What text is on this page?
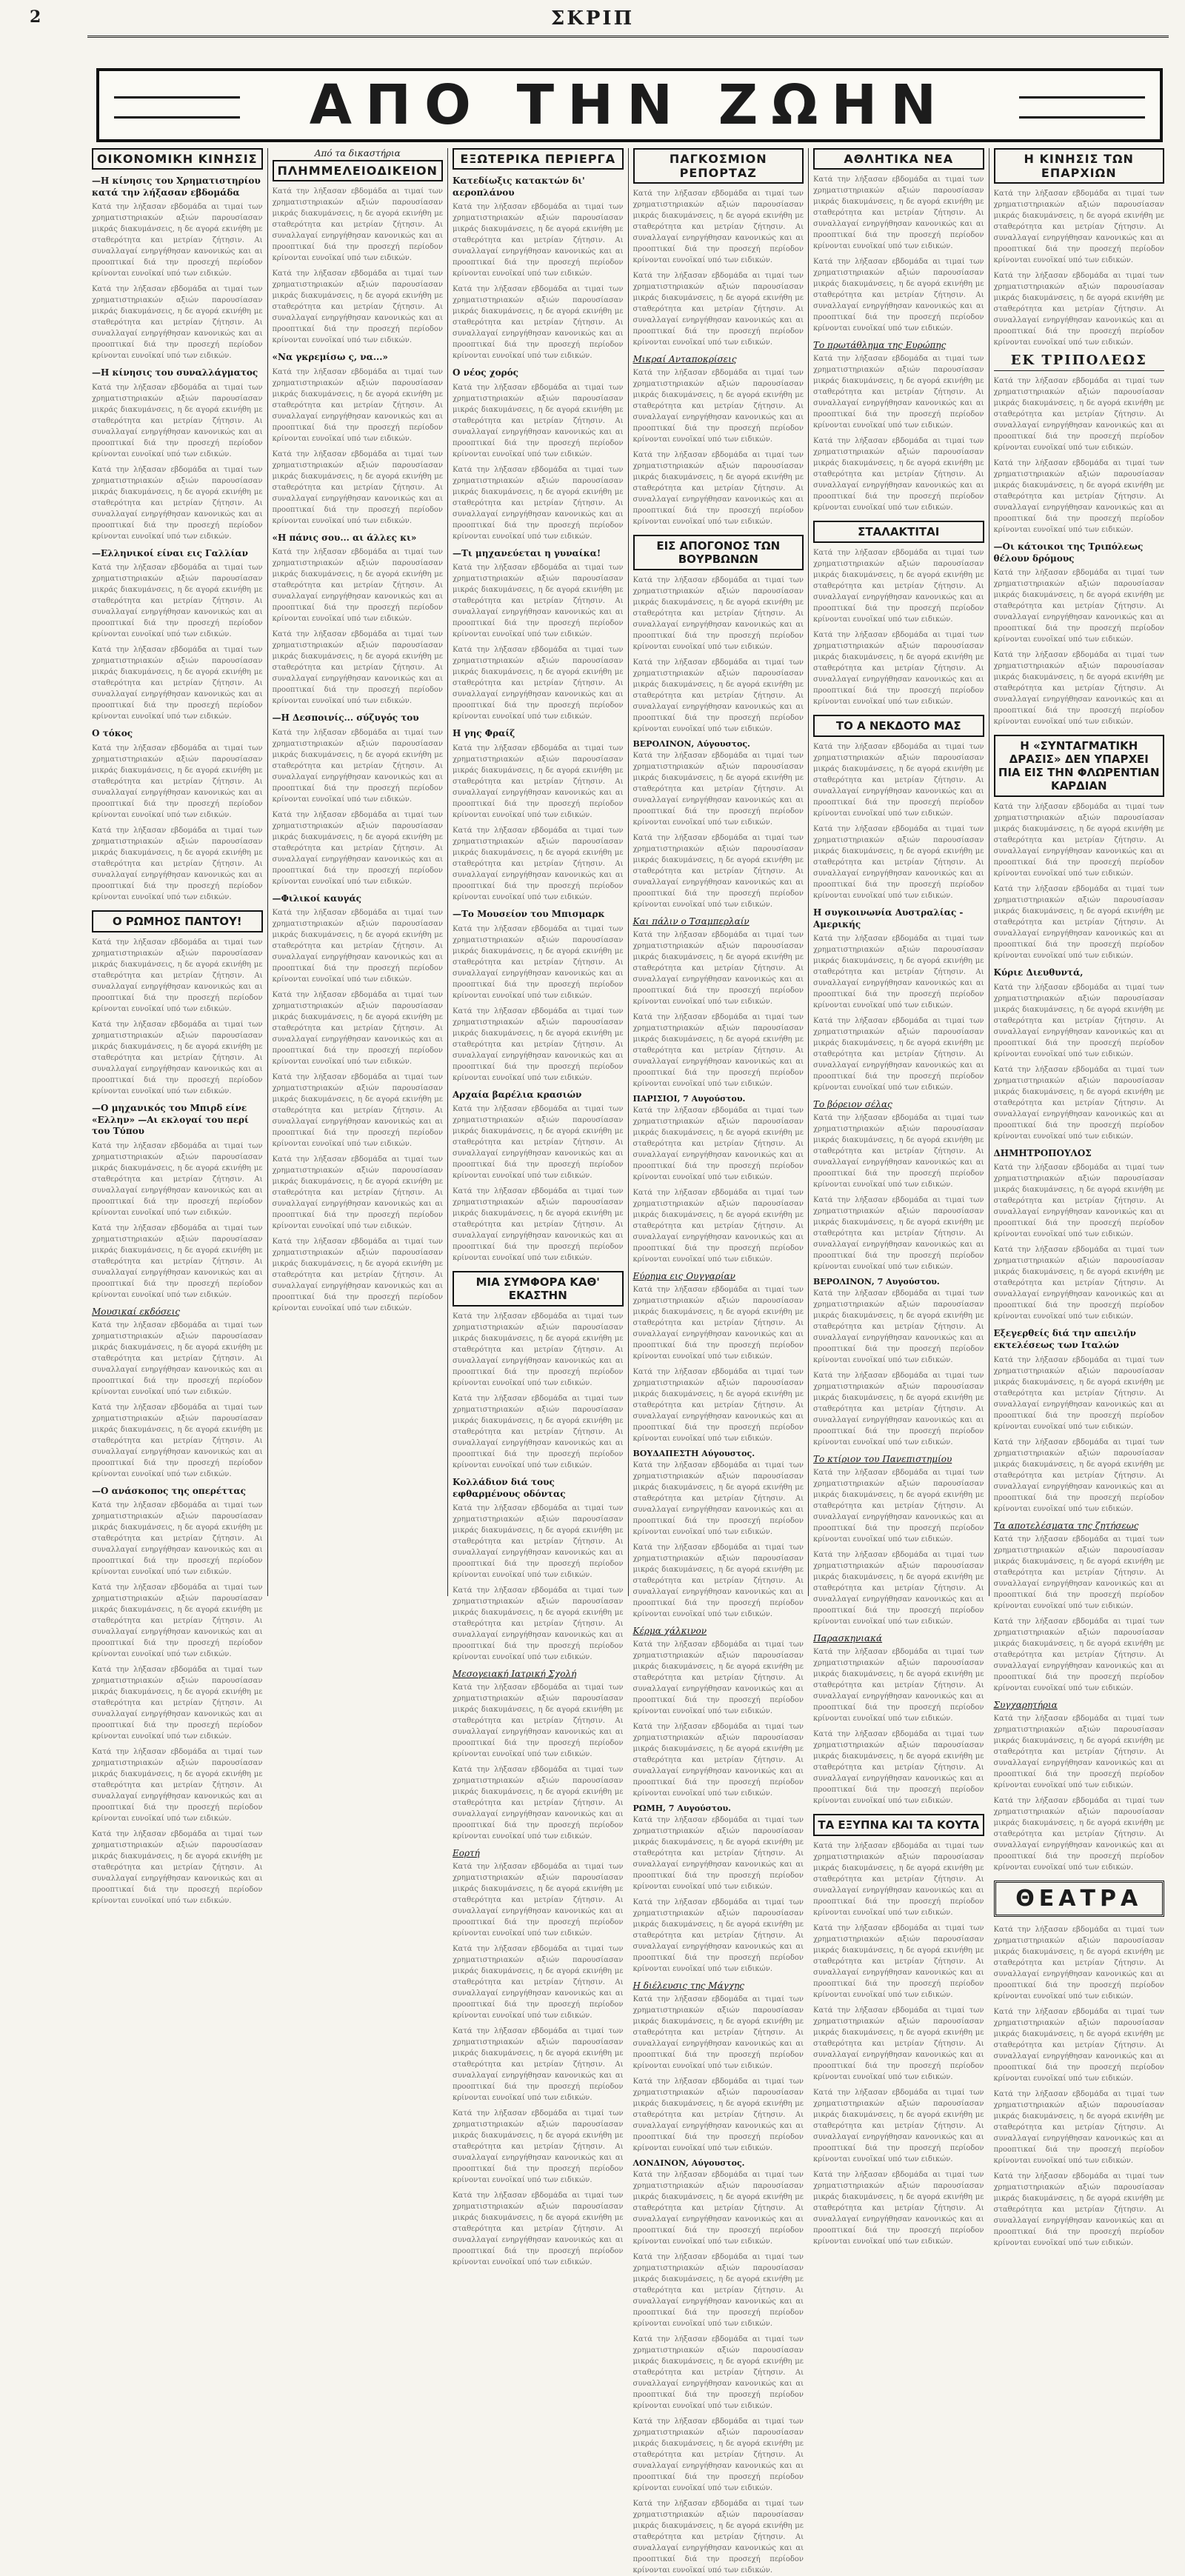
2	ΣΚΡΙΠ
ΑΠΟ ΤΗΝ ΖΩΗΝ
ΟΙΚΟΝΟΜΙΚΗ ΚΙΝΗΣΙΣ
—Η κίνησις του Χρηματιστηρίου κατά την λήξασαν εβδομάδα
Κατά την λήξασαν εβδομάδα αι τιμαί των χρηματιστηριακών αξιών παρουσίασαν μικράς διακυμάνσεις, η δε αγορά εκινήθη με σταθερότητα και μετρίαν ζήτησιν. Αι συναλλαγαί ενηργήθησαν κανονικώς και αι προοπτικαί διά την προσεχή περίοδον κρίνονται ευνοϊκαί υπό των ειδικών.
Κατά την λήξασαν εβδομάδα αι τιμαί των χρηματιστηριακών αξιών παρουσίασαν μικράς διακυμάνσεις, η δε αγορά εκινήθη με σταθερότητα και μετρίαν ζήτησιν. Αι συναλλαγαί ενηργήθησαν κανονικώς και αι προοπτικαί διά την προσεχή περίοδον κρίνονται ευνοϊκαί υπό των ειδικών.
—Η κίνησις του συναλλάγματος
Κατά την λήξασαν εβδομάδα αι τιμαί των χρηματιστηριακών αξιών παρουσίασαν μικράς διακυμάνσεις, η δε αγορά εκινήθη με σταθερότητα και μετρίαν ζήτησιν. Αι συναλλαγαί ενηργήθησαν κανονικώς και αι προοπτικαί διά την προσεχή περίοδον κρίνονται ευνοϊκαί υπό των ειδικών.
Κατά την λήξασαν εβδομάδα αι τιμαί των χρηματιστηριακών αξιών παρουσίασαν μικράς διακυμάνσεις, η δε αγορά εκινήθη με σταθερότητα και μετρίαν ζήτησιν. Αι συναλλαγαί ενηργήθησαν κανονικώς και αι προοπτικαί διά την προσεχή περίοδον κρίνονται ευνοϊκαί υπό των ειδικών.
—Ελληνικοί είναι εις Γαλλίαν
Κατά την λήξασαν εβδομάδα αι τιμαί των χρηματιστηριακών αξιών παρουσίασαν μικράς διακυμάνσεις, η δε αγορά εκινήθη με σταθερότητα και μετρίαν ζήτησιν. Αι συναλλαγαί ενηργήθησαν κανονικώς και αι προοπτικαί διά την προσεχή περίοδον κρίνονται ευνοϊκαί υπό των ειδικών.
Κατά την λήξασαν εβδομάδα αι τιμαί των χρηματιστηριακών αξιών παρουσίασαν μικράς διακυμάνσεις, η δε αγορά εκινήθη με σταθερότητα και μετρίαν ζήτησιν. Αι συναλλαγαί ενηργήθησαν κανονικώς και αι προοπτικαί διά την προσεχή περίοδον κρίνονται ευνοϊκαί υπό των ειδικών.
Ο τόκος
Κατά την λήξασαν εβδομάδα αι τιμαί των χρηματιστηριακών αξιών παρουσίασαν μικράς διακυμάνσεις, η δε αγορά εκινήθη με σταθερότητα και μετρίαν ζήτησιν. Αι συναλλαγαί ενηργήθησαν κανονικώς και αι προοπτικαί διά την προσεχή περίοδον κρίνονται ευνοϊκαί υπό των ειδικών.
Κατά την λήξασαν εβδομάδα αι τιμαί των χρηματιστηριακών αξιών παρουσίασαν μικράς διακυμάνσεις, η δε αγορά εκινήθη με σταθερότητα και μετρίαν ζήτησιν. Αι συναλλαγαί ενηργήθησαν κανονικώς και αι προοπτικαί διά την προσεχή περίοδον κρίνονται ευνοϊκαί υπό των ειδικών.
Ο ΡΩΜΗΟΣ ΠΑΝΤΟΥ!
Κατά την λήξασαν εβδομάδα αι τιμαί των χρηματιστηριακών αξιών παρουσίασαν μικράς διακυμάνσεις, η δε αγορά εκινήθη με σταθερότητα και μετρίαν ζήτησιν. Αι συναλλαγαί ενηργήθησαν κανονικώς και αι προοπτικαί διά την προσεχή περίοδον κρίνονται ευνοϊκαί υπό των ειδικών.
Κατά την λήξασαν εβδομάδα αι τιμαί των χρηματιστηριακών αξιών παρουσίασαν μικράς διακυμάνσεις, η δε αγορά εκινήθη με σταθερότητα και μετρίαν ζήτησιν. Αι συναλλαγαί ενηργήθησαν κανονικώς και αι προοπτικαί διά την προσεχή περίοδον κρίνονται ευνοϊκαί υπό των ειδικών.
—Ο μηχανικός του Μπιρδ είνε «Ελλην» —Αι εκλογαί του περί του Τύπου
Κατά την λήξασαν εβδομάδα αι τιμαί των χρηματιστηριακών αξιών παρουσίασαν μικράς διακυμάνσεις, η δε αγορά εκινήθη με σταθερότητα και μετρίαν ζήτησιν. Αι συναλλαγαί ενηργήθησαν κανονικώς και αι προοπτικαί διά την προσεχή περίοδον κρίνονται ευνοϊκαί υπό των ειδικών.
Κατά την λήξασαν εβδομάδα αι τιμαί των χρηματιστηριακών αξιών παρουσίασαν μικράς διακυμάνσεις, η δε αγορά εκινήθη με σταθερότητα και μετρίαν ζήτησιν. Αι συναλλαγαί ενηργήθησαν κανονικώς και αι προοπτικαί διά την προσεχή περίοδον κρίνονται ευνοϊκαί υπό των ειδικών.
Μουσικαί εκδόσεις
Κατά την λήξασαν εβδομάδα αι τιμαί των χρηματιστηριακών αξιών παρουσίασαν μικράς διακυμάνσεις, η δε αγορά εκινήθη με σταθερότητα και μετρίαν ζήτησιν. Αι συναλλαγαί ενηργήθησαν κανονικώς και αι προοπτικαί διά την προσεχή περίοδον κρίνονται ευνοϊκαί υπό των ειδικών.
Κατά την λήξασαν εβδομάδα αι τιμαί των χρηματιστηριακών αξιών παρουσίασαν μικράς διακυμάνσεις, η δε αγορά εκινήθη με σταθερότητα και μετρίαν ζήτησιν. Αι συναλλαγαί ενηργήθησαν κανονικώς και αι προοπτικαί διά την προσεχή περίοδον κρίνονται ευνοϊκαί υπό των ειδικών.
—Ο ανάσκοπος της οπερέττας
Κατά την λήξασαν εβδομάδα αι τιμαί των χρηματιστηριακών αξιών παρουσίασαν μικράς διακυμάνσεις, η δε αγορά εκινήθη με σταθερότητα και μετρίαν ζήτησιν. Αι συναλλαγαί ενηργήθησαν κανονικώς και αι προοπτικαί διά την προσεχή περίοδον κρίνονται ευνοϊκαί υπό των ειδικών.
Κατά την λήξασαν εβδομάδα αι τιμαί των χρηματιστηριακών αξιών παρουσίασαν μικράς διακυμάνσεις, η δε αγορά εκινήθη με σταθερότητα και μετρίαν ζήτησιν. Αι συναλλαγαί ενηργήθησαν κανονικώς και αι προοπτικαί διά την προσεχή περίοδον κρίνονται ευνοϊκαί υπό των ειδικών.
Κατά την λήξασαν εβδομάδα αι τιμαί των χρηματιστηριακών αξιών παρουσίασαν μικράς διακυμάνσεις, η δε αγορά εκινήθη με σταθερότητα και μετρίαν ζήτησιν. Αι συναλλαγαί ενηργήθησαν κανονικώς και αι προοπτικαί διά την προσεχή περίοδον κρίνονται ευνοϊκαί υπό των ειδικών.
Κατά την λήξασαν εβδομάδα αι τιμαί των χρηματιστηριακών αξιών παρουσίασαν μικράς διακυμάνσεις, η δε αγορά εκινήθη με σταθερότητα και μετρίαν ζήτησιν. Αι συναλλαγαί ενηργήθησαν κανονικώς και αι προοπτικαί διά την προσεχή περίοδον κρίνονται ευνοϊκαί υπό των ειδικών.
Κατά την λήξασαν εβδομάδα αι τιμαί των χρηματιστηριακών αξιών παρουσίασαν μικράς διακυμάνσεις, η δε αγορά εκινήθη με σταθερότητα και μετρίαν ζήτησιν. Αι συναλλαγαί ενηργήθησαν κανονικώς και αι προοπτικαί διά την προσεχή περίοδον κρίνονται ευνοϊκαί υπό των ειδικών.
Από τα δικαστήρια
ΠΛΗΜΜΕΛΕΙΟΔΙΚΕΙΟΝ
Κατά την λήξασαν εβδομάδα αι τιμαί των χρηματιστηριακών αξιών παρουσίασαν μικράς διακυμάνσεις, η δε αγορά εκινήθη με σταθερότητα και μετρίαν ζήτησιν. Αι συναλλαγαί ενηργήθησαν κανονικώς και αι προοπτικαί διά την προσεχή περίοδον κρίνονται ευνοϊκαί υπό των ειδικών.
Κατά την λήξασαν εβδομάδα αι τιμαί των χρηματιστηριακών αξιών παρουσίασαν μικράς διακυμάνσεις, η δε αγορά εκινήθη με σταθερότητα και μετρίαν ζήτησιν. Αι συναλλαγαί ενηργήθησαν κανονικώς και αι προοπτικαί διά την προσεχή περίοδον κρίνονται ευνοϊκαί υπό των ειδικών.
«Να γκρεμίσω ς, να...»
Κατά την λήξασαν εβδομάδα αι τιμαί των χρηματιστηριακών αξιών παρουσίασαν μικράς διακυμάνσεις, η δε αγορά εκινήθη με σταθερότητα και μετρίαν ζήτησιν. Αι συναλλαγαί ενηργήθησαν κανονικώς και αι προοπτικαί διά την προσεχή περίοδον κρίνονται ευνοϊκαί υπό των ειδικών.
Κατά την λήξασαν εβδομάδα αι τιμαί των χρηματιστηριακών αξιών παρουσίασαν μικράς διακυμάνσεις, η δε αγορά εκινήθη με σταθερότητα και μετρίαν ζήτησιν. Αι συναλλαγαί ενηργήθησαν κανονικώς και αι προοπτικαί διά την προσεχή περίοδον κρίνονται ευνοϊκαί υπό των ειδικών.
«Η πάνις σου... αι άλλες κι»
Κατά την λήξασαν εβδομάδα αι τιμαί των χρηματιστηριακών αξιών παρουσίασαν μικράς διακυμάνσεις, η δε αγορά εκινήθη με σταθερότητα και μετρίαν ζήτησιν. Αι συναλλαγαί ενηργήθησαν κανονικώς και αι προοπτικαί διά την προσεχή περίοδον κρίνονται ευνοϊκαί υπό των ειδικών.
Κατά την λήξασαν εβδομάδα αι τιμαί των χρηματιστηριακών αξιών παρουσίασαν μικράς διακυμάνσεις, η δε αγορά εκινήθη με σταθερότητα και μετρίαν ζήτησιν. Αι συναλλαγαί ενηργήθησαν κανονικώς και αι προοπτικαί διά την προσεχή περίοδον κρίνονται ευνοϊκαί υπό των ειδικών.
—Η Δεσποινίς... σύζυγός του
Κατά την λήξασαν εβδομάδα αι τιμαί των χρηματιστηριακών αξιών παρουσίασαν μικράς διακυμάνσεις, η δε αγορά εκινήθη με σταθερότητα και μετρίαν ζήτησιν. Αι συναλλαγαί ενηργήθησαν κανονικώς και αι προοπτικαί διά την προσεχή περίοδον κρίνονται ευνοϊκαί υπό των ειδικών.
Κατά την λήξασαν εβδομάδα αι τιμαί των χρηματιστηριακών αξιών παρουσίασαν μικράς διακυμάνσεις, η δε αγορά εκινήθη με σταθερότητα και μετρίαν ζήτησιν. Αι συναλλαγαί ενηργήθησαν κανονικώς και αι προοπτικαί διά την προσεχή περίοδον κρίνονται ευνοϊκαί υπό των ειδικών.
—Φιλικοί καυγάς
Κατά την λήξασαν εβδομάδα αι τιμαί των χρηματιστηριακών αξιών παρουσίασαν μικράς διακυμάνσεις, η δε αγορά εκινήθη με σταθερότητα και μετρίαν ζήτησιν. Αι συναλλαγαί ενηργήθησαν κανονικώς και αι προοπτικαί διά την προσεχή περίοδον κρίνονται ευνοϊκαί υπό των ειδικών.
Κατά την λήξασαν εβδομάδα αι τιμαί των χρηματιστηριακών αξιών παρουσίασαν μικράς διακυμάνσεις, η δε αγορά εκινήθη με σταθερότητα και μετρίαν ζήτησιν. Αι συναλλαγαί ενηργήθησαν κανονικώς και αι προοπτικαί διά την προσεχή περίοδον κρίνονται ευνοϊκαί υπό των ειδικών.
Κατά την λήξασαν εβδομάδα αι τιμαί των χρηματιστηριακών αξιών παρουσίασαν μικράς διακυμάνσεις, η δε αγορά εκινήθη με σταθερότητα και μετρίαν ζήτησιν. Αι συναλλαγαί ενηργήθησαν κανονικώς και αι προοπτικαί διά την προσεχή περίοδον κρίνονται ευνοϊκαί υπό των ειδικών.
Κατά την λήξασαν εβδομάδα αι τιμαί των χρηματιστηριακών αξιών παρουσίασαν μικράς διακυμάνσεις, η δε αγορά εκινήθη με σταθερότητα και μετρίαν ζήτησιν. Αι συναλλαγαί ενηργήθησαν κανονικώς και αι προοπτικαί διά την προσεχή περίοδον κρίνονται ευνοϊκαί υπό των ειδικών.
Κατά την λήξασαν εβδομάδα αι τιμαί των χρηματιστηριακών αξιών παρουσίασαν μικράς διακυμάνσεις, η δε αγορά εκινήθη με σταθερότητα και μετρίαν ζήτησιν. Αι συναλλαγαί ενηργήθησαν κανονικώς και αι προοπτικαί διά την προσεχή περίοδον κρίνονται ευνοϊκαί υπό των ειδικών.
ΕΞΩΤΕΡΙΚΑ ΠΕΡΙΕΡΓΑ
Κατεδίωξις κατακτών δι' αεροπλάνου
Κατά την λήξασαν εβδομάδα αι τιμαί των χρηματιστηριακών αξιών παρουσίασαν μικράς διακυμάνσεις, η δε αγορά εκινήθη με σταθερότητα και μετρίαν ζήτησιν. Αι συναλλαγαί ενηργήθησαν κανονικώς και αι προοπτικαί διά την προσεχή περίοδον κρίνονται ευνοϊκαί υπό των ειδικών.
Κατά την λήξασαν εβδομάδα αι τιμαί των χρηματιστηριακών αξιών παρουσίασαν μικράς διακυμάνσεις, η δε αγορά εκινήθη με σταθερότητα και μετρίαν ζήτησιν. Αι συναλλαγαί ενηργήθησαν κανονικώς και αι προοπτικαί διά την προσεχή περίοδον κρίνονται ευνοϊκαί υπό των ειδικών.
Ο νέος χορός
Κατά την λήξασαν εβδομάδα αι τιμαί των χρηματιστηριακών αξιών παρουσίασαν μικράς διακυμάνσεις, η δε αγορά εκινήθη με σταθερότητα και μετρίαν ζήτησιν. Αι συναλλαγαί ενηργήθησαν κανονικώς και αι προοπτικαί διά την προσεχή περίοδον κρίνονται ευνοϊκαί υπό των ειδικών.
Κατά την λήξασαν εβδομάδα αι τιμαί των χρηματιστηριακών αξιών παρουσίασαν μικράς διακυμάνσεις, η δε αγορά εκινήθη με σταθερότητα και μετρίαν ζήτησιν. Αι συναλλαγαί ενηργήθησαν κανονικώς και αι προοπτικαί διά την προσεχή περίοδον κρίνονται ευνοϊκαί υπό των ειδικών.
—Τι μηχανεύεται η γυναίκα!
Κατά την λήξασαν εβδομάδα αι τιμαί των χρηματιστηριακών αξιών παρουσίασαν μικράς διακυμάνσεις, η δε αγορά εκινήθη με σταθερότητα και μετρίαν ζήτησιν. Αι συναλλαγαί ενηργήθησαν κανονικώς και αι προοπτικαί διά την προσεχή περίοδον κρίνονται ευνοϊκαί υπό των ειδικών.
Κατά την λήξασαν εβδομάδα αι τιμαί των χρηματιστηριακών αξιών παρουσίασαν μικράς διακυμάνσεις, η δε αγορά εκινήθη με σταθερότητα και μετρίαν ζήτησιν. Αι συναλλαγαί ενηργήθησαν κανονικώς και αι προοπτικαί διά την προσεχή περίοδον κρίνονται ευνοϊκαί υπό των ειδικών.
Η γης Φραίζ
Κατά την λήξασαν εβδομάδα αι τιμαί των χρηματιστηριακών αξιών παρουσίασαν μικράς διακυμάνσεις, η δε αγορά εκινήθη με σταθερότητα και μετρίαν ζήτησιν. Αι συναλλαγαί ενηργήθησαν κανονικώς και αι προοπτικαί διά την προσεχή περίοδον κρίνονται ευνοϊκαί υπό των ειδικών.
Κατά την λήξασαν εβδομάδα αι τιμαί των χρηματιστηριακών αξιών παρουσίασαν μικράς διακυμάνσεις, η δε αγορά εκινήθη με σταθερότητα και μετρίαν ζήτησιν. Αι συναλλαγαί ενηργήθησαν κανονικώς και αι προοπτικαί διά την προσεχή περίοδον κρίνονται ευνοϊκαί υπό των ειδικών.
—Το Μουσείον του Μπισμαρκ
Κατά την λήξασαν εβδομάδα αι τιμαί των χρηματιστηριακών αξιών παρουσίασαν μικράς διακυμάνσεις, η δε αγορά εκινήθη με σταθερότητα και μετρίαν ζήτησιν. Αι συναλλαγαί ενηργήθησαν κανονικώς και αι προοπτικαί διά την προσεχή περίοδον κρίνονται ευνοϊκαί υπό των ειδικών.
Κατά την λήξασαν εβδομάδα αι τιμαί των χρηματιστηριακών αξιών παρουσίασαν μικράς διακυμάνσεις, η δε αγορά εκινήθη με σταθερότητα και μετρίαν ζήτησιν. Αι συναλλαγαί ενηργήθησαν κανονικώς και αι προοπτικαί διά την προσεχή περίοδον κρίνονται ευνοϊκαί υπό των ειδικών.
Αρχαία βαρέλια κρασιών
Κατά την λήξασαν εβδομάδα αι τιμαί των χρηματιστηριακών αξιών παρουσίασαν μικράς διακυμάνσεις, η δε αγορά εκινήθη με σταθερότητα και μετρίαν ζήτησιν. Αι συναλλαγαί ενηργήθησαν κανονικώς και αι προοπτικαί διά την προσεχή περίοδον κρίνονται ευνοϊκαί υπό των ειδικών.
Κατά την λήξασαν εβδομάδα αι τιμαί των χρηματιστηριακών αξιών παρουσίασαν μικράς διακυμάνσεις, η δε αγορά εκινήθη με σταθερότητα και μετρίαν ζήτησιν. Αι συναλλαγαί ενηργήθησαν κανονικώς και αι προοπτικαί διά την προσεχή περίοδον κρίνονται ευνοϊκαί υπό των ειδικών.
ΜΙΑ ΣΥΜΦΟΡΑ ΚΑΘ' ΕΚΑΣΤΗΝ
Κατά την λήξασαν εβδομάδα αι τιμαί των χρηματιστηριακών αξιών παρουσίασαν μικράς διακυμάνσεις, η δε αγορά εκινήθη με σταθερότητα και μετρίαν ζήτησιν. Αι συναλλαγαί ενηργήθησαν κανονικώς και αι προοπτικαί διά την προσεχή περίοδον κρίνονται ευνοϊκαί υπό των ειδικών.
Κατά την λήξασαν εβδομάδα αι τιμαί των χρηματιστηριακών αξιών παρουσίασαν μικράς διακυμάνσεις, η δε αγορά εκινήθη με σταθερότητα και μετρίαν ζήτησιν. Αι συναλλαγαί ενηργήθησαν κανονικώς και αι προοπτικαί διά την προσεχή περίοδον κρίνονται ευνοϊκαί υπό των ειδικών.
Κολλάδιον διά τους εφθαρμένους οδόντας
Κατά την λήξασαν εβδομάδα αι τιμαί των χρηματιστηριακών αξιών παρουσίασαν μικράς διακυμάνσεις, η δε αγορά εκινήθη με σταθερότητα και μετρίαν ζήτησιν. Αι συναλλαγαί ενηργήθησαν κανονικώς και αι προοπτικαί διά την προσεχή περίοδον κρίνονται ευνοϊκαί υπό των ειδικών.
Κατά την λήξασαν εβδομάδα αι τιμαί των χρηματιστηριακών αξιών παρουσίασαν μικράς διακυμάνσεις, η δε αγορά εκινήθη με σταθερότητα και μετρίαν ζήτησιν. Αι συναλλαγαί ενηργήθησαν κανονικώς και αι προοπτικαί διά την προσεχή περίοδον κρίνονται ευνοϊκαί υπό των ειδικών.
Μεσογειακή Ιατρική Σχολή
Κατά την λήξασαν εβδομάδα αι τιμαί των χρηματιστηριακών αξιών παρουσίασαν μικράς διακυμάνσεις, η δε αγορά εκινήθη με σταθερότητα και μετρίαν ζήτησιν. Αι συναλλαγαί ενηργήθησαν κανονικώς και αι προοπτικαί διά την προσεχή περίοδον κρίνονται ευνοϊκαί υπό των ειδικών.
Κατά την λήξασαν εβδομάδα αι τιμαί των χρηματιστηριακών αξιών παρουσίασαν μικράς διακυμάνσεις, η δε αγορά εκινήθη με σταθερότητα και μετρίαν ζήτησιν. Αι συναλλαγαί ενηργήθησαν κανονικώς και αι προοπτικαί διά την προσεχή περίοδον κρίνονται ευνοϊκαί υπό των ειδικών.
Εορτή
Κατά την λήξασαν εβδομάδα αι τιμαί των χρηματιστηριακών αξιών παρουσίασαν μικράς διακυμάνσεις, η δε αγορά εκινήθη με σταθερότητα και μετρίαν ζήτησιν. Αι συναλλαγαί ενηργήθησαν κανονικώς και αι προοπτικαί διά την προσεχή περίοδον κρίνονται ευνοϊκαί υπό των ειδικών.
Κατά την λήξασαν εβδομάδα αι τιμαί των χρηματιστηριακών αξιών παρουσίασαν μικράς διακυμάνσεις, η δε αγορά εκινήθη με σταθερότητα και μετρίαν ζήτησιν. Αι συναλλαγαί ενηργήθησαν κανονικώς και αι προοπτικαί διά την προσεχή περίοδον κρίνονται ευνοϊκαί υπό των ειδικών.
Κατά την λήξασαν εβδομάδα αι τιμαί των χρηματιστηριακών αξιών παρουσίασαν μικράς διακυμάνσεις, η δε αγορά εκινήθη με σταθερότητα και μετρίαν ζήτησιν. Αι συναλλαγαί ενηργήθησαν κανονικώς και αι προοπτικαί διά την προσεχή περίοδον κρίνονται ευνοϊκαί υπό των ειδικών.
Κατά την λήξασαν εβδομάδα αι τιμαί των χρηματιστηριακών αξιών παρουσίασαν μικράς διακυμάνσεις, η δε αγορά εκινήθη με σταθερότητα και μετρίαν ζήτησιν. Αι συναλλαγαί ενηργήθησαν κανονικώς και αι προοπτικαί διά την προσεχή περίοδον κρίνονται ευνοϊκαί υπό των ειδικών.
Κατά την λήξασαν εβδομάδα αι τιμαί των χρηματιστηριακών αξιών παρουσίασαν μικράς διακυμάνσεις, η δε αγορά εκινήθη με σταθερότητα και μετρίαν ζήτησιν. Αι συναλλαγαί ενηργήθησαν κανονικώς και αι προοπτικαί διά την προσεχή περίοδον κρίνονται ευνοϊκαί υπό των ειδικών.
ΠΑΓΚΟΣΜΙΟΝ ΡΕΠΟΡΤΑΖ
Κατά την λήξασαν εβδομάδα αι τιμαί των χρηματιστηριακών αξιών παρουσίασαν μικράς διακυμάνσεις, η δε αγορά εκινήθη με σταθερότητα και μετρίαν ζήτησιν. Αι συναλλαγαί ενηργήθησαν κανονικώς και αι προοπτικαί διά την προσεχή περίοδον κρίνονται ευνοϊκαί υπό των ειδικών.
Κατά την λήξασαν εβδομάδα αι τιμαί των χρηματιστηριακών αξιών παρουσίασαν μικράς διακυμάνσεις, η δε αγορά εκινήθη με σταθερότητα και μετρίαν ζήτησιν. Αι συναλλαγαί ενηργήθησαν κανονικώς και αι προοπτικαί διά την προσεχή περίοδον κρίνονται ευνοϊκαί υπό των ειδικών.
Μικραί Ανταποκρίσεις
Κατά την λήξασαν εβδομάδα αι τιμαί των χρηματιστηριακών αξιών παρουσίασαν μικράς διακυμάνσεις, η δε αγορά εκινήθη με σταθερότητα και μετρίαν ζήτησιν. Αι συναλλαγαί ενηργήθησαν κανονικώς και αι προοπτικαί διά την προσεχή περίοδον κρίνονται ευνοϊκαί υπό των ειδικών.
Κατά την λήξασαν εβδομάδα αι τιμαί των χρηματιστηριακών αξιών παρουσίασαν μικράς διακυμάνσεις, η δε αγορά εκινήθη με σταθερότητα και μετρίαν ζήτησιν. Αι συναλλαγαί ενηργήθησαν κανονικώς και αι προοπτικαί διά την προσεχή περίοδον κρίνονται ευνοϊκαί υπό των ειδικών.
ΕΙΣ ΑΠΟΓΟΝΟΣ ΤΩΝ ΒΟΥΡΒΩΝΩΝ
Κατά την λήξασαν εβδομάδα αι τιμαί των χρηματιστηριακών αξιών παρουσίασαν μικράς διακυμάνσεις, η δε αγορά εκινήθη με σταθερότητα και μετρίαν ζήτησιν. Αι συναλλαγαί ενηργήθησαν κανονικώς και αι προοπτικαί διά την προσεχή περίοδον κρίνονται ευνοϊκαί υπό των ειδικών.
Κατά την λήξασαν εβδομάδα αι τιμαί των χρηματιστηριακών αξιών παρουσίασαν μικράς διακυμάνσεις, η δε αγορά εκινήθη με σταθερότητα και μετρίαν ζήτησιν. Αι συναλλαγαί ενηργήθησαν κανονικώς και αι προοπτικαί διά την προσεχή περίοδον κρίνονται ευνοϊκαί υπό των ειδικών.
ΒΕΡΟΛΙΝΟΝ, Αύγουστος.
Κατά την λήξασαν εβδομάδα αι τιμαί των χρηματιστηριακών αξιών παρουσίασαν μικράς διακυμάνσεις, η δε αγορά εκινήθη με σταθερότητα και μετρίαν ζήτησιν. Αι συναλλαγαί ενηργήθησαν κανονικώς και αι προοπτικαί διά την προσεχή περίοδον κρίνονται ευνοϊκαί υπό των ειδικών.
Κατά την λήξασαν εβδομάδα αι τιμαί των χρηματιστηριακών αξιών παρουσίασαν μικράς διακυμάνσεις, η δε αγορά εκινήθη με σταθερότητα και μετρίαν ζήτησιν. Αι συναλλαγαί ενηργήθησαν κανονικώς και αι προοπτικαί διά την προσεχή περίοδον κρίνονται ευνοϊκαί υπό των ειδικών.
Και πάλιν ο Τσαμπερλαίν
Κατά την λήξασαν εβδομάδα αι τιμαί των χρηματιστηριακών αξιών παρουσίασαν μικράς διακυμάνσεις, η δε αγορά εκινήθη με σταθερότητα και μετρίαν ζήτησιν. Αι συναλλαγαί ενηργήθησαν κανονικώς και αι προοπτικαί διά την προσεχή περίοδον κρίνονται ευνοϊκαί υπό των ειδικών.
Κατά την λήξασαν εβδομάδα αι τιμαί των χρηματιστηριακών αξιών παρουσίασαν μικράς διακυμάνσεις, η δε αγορά εκινήθη με σταθερότητα και μετρίαν ζήτησιν. Αι συναλλαγαί ενηργήθησαν κανονικώς και αι προοπτικαί διά την προσεχή περίοδον κρίνονται ευνοϊκαί υπό των ειδικών.
ΠΑΡΙΣΙΟΙ, 7 Αυγούστου.
Κατά την λήξασαν εβδομάδα αι τιμαί των χρηματιστηριακών αξιών παρουσίασαν μικράς διακυμάνσεις, η δε αγορά εκινήθη με σταθερότητα και μετρίαν ζήτησιν. Αι συναλλαγαί ενηργήθησαν κανονικώς και αι προοπτικαί διά την προσεχή περίοδον κρίνονται ευνοϊκαί υπό των ειδικών.
Κατά την λήξασαν εβδομάδα αι τιμαί των χρηματιστηριακών αξιών παρουσίασαν μικράς διακυμάνσεις, η δε αγορά εκινήθη με σταθερότητα και μετρίαν ζήτησιν. Αι συναλλαγαί ενηργήθησαν κανονικώς και αι προοπτικαί διά την προσεχή περίοδον κρίνονται ευνοϊκαί υπό των ειδικών.
Εύρημα εις Ουγγαρίαν
Κατά την λήξασαν εβδομάδα αι τιμαί των χρηματιστηριακών αξιών παρουσίασαν μικράς διακυμάνσεις, η δε αγορά εκινήθη με σταθερότητα και μετρίαν ζήτησιν. Αι συναλλαγαί ενηργήθησαν κανονικώς και αι προοπτικαί διά την προσεχή περίοδον κρίνονται ευνοϊκαί υπό των ειδικών.
Κατά την λήξασαν εβδομάδα αι τιμαί των χρηματιστηριακών αξιών παρουσίασαν μικράς διακυμάνσεις, η δε αγορά εκινήθη με σταθερότητα και μετρίαν ζήτησιν. Αι συναλλαγαί ενηργήθησαν κανονικώς και αι προοπτικαί διά την προσεχή περίοδον κρίνονται ευνοϊκαί υπό των ειδικών.
ΒΟΥΔΑΠΕΣΤΗ Αύγουστος.
Κατά την λήξασαν εβδομάδα αι τιμαί των χρηματιστηριακών αξιών παρουσίασαν μικράς διακυμάνσεις, η δε αγορά εκινήθη με σταθερότητα και μετρίαν ζήτησιν. Αι συναλλαγαί ενηργήθησαν κανονικώς και αι προοπτικαί διά την προσεχή περίοδον κρίνονται ευνοϊκαί υπό των ειδικών.
Κατά την λήξασαν εβδομάδα αι τιμαί των χρηματιστηριακών αξιών παρουσίασαν μικράς διακυμάνσεις, η δε αγορά εκινήθη με σταθερότητα και μετρίαν ζήτησιν. Αι συναλλαγαί ενηργήθησαν κανονικώς και αι προοπτικαί διά την προσεχή περίοδον κρίνονται ευνοϊκαί υπό των ειδικών.
Κέρμα χάλκινον
Κατά την λήξασαν εβδομάδα αι τιμαί των χρηματιστηριακών αξιών παρουσίασαν μικράς διακυμάνσεις, η δε αγορά εκινήθη με σταθερότητα και μετρίαν ζήτησιν. Αι συναλλαγαί ενηργήθησαν κανονικώς και αι προοπτικαί διά την προσεχή περίοδον κρίνονται ευνοϊκαί υπό των ειδικών.
Κατά την λήξασαν εβδομάδα αι τιμαί των χρηματιστηριακών αξιών παρουσίασαν μικράς διακυμάνσεις, η δε αγορά εκινήθη με σταθερότητα και μετρίαν ζήτησιν. Αι συναλλαγαί ενηργήθησαν κανονικώς και αι προοπτικαί διά την προσεχή περίοδον κρίνονται ευνοϊκαί υπό των ειδικών.
ΡΩΜΗ, 7 Αυγούστου.
Κατά την λήξασαν εβδομάδα αι τιμαί των χρηματιστηριακών αξιών παρουσίασαν μικράς διακυμάνσεις, η δε αγορά εκινήθη με σταθερότητα και μετρίαν ζήτησιν. Αι συναλλαγαί ενηργήθησαν κανονικώς και αι προοπτικαί διά την προσεχή περίοδον κρίνονται ευνοϊκαί υπό των ειδικών.
Κατά την λήξασαν εβδομάδα αι τιμαί των χρηματιστηριακών αξιών παρουσίασαν μικράς διακυμάνσεις, η δε αγορά εκινήθη με σταθερότητα και μετρίαν ζήτησιν. Αι συναλλαγαί ενηργήθησαν κανονικώς και αι προοπτικαί διά την προσεχή περίοδον κρίνονται ευνοϊκαί υπό των ειδικών.
Η διέλευσις της Μάγχης
Κατά την λήξασαν εβδομάδα αι τιμαί των χρηματιστηριακών αξιών παρουσίασαν μικράς διακυμάνσεις, η δε αγορά εκινήθη με σταθερότητα και μετρίαν ζήτησιν. Αι συναλλαγαί ενηργήθησαν κανονικώς και αι προοπτικαί διά την προσεχή περίοδον κρίνονται ευνοϊκαί υπό των ειδικών.
Κατά την λήξασαν εβδομάδα αι τιμαί των χρηματιστηριακών αξιών παρουσίασαν μικράς διακυμάνσεις, η δε αγορά εκινήθη με σταθερότητα και μετρίαν ζήτησιν. Αι συναλλαγαί ενηργήθησαν κανονικώς και αι προοπτικαί διά την προσεχή περίοδον κρίνονται ευνοϊκαί υπό των ειδικών.
ΛΟΝΔΙΝΟΝ, Αύγουστος.
Κατά την λήξασαν εβδομάδα αι τιμαί των χρηματιστηριακών αξιών παρουσίασαν μικράς διακυμάνσεις, η δε αγορά εκινήθη με σταθερότητα και μετρίαν ζήτησιν. Αι συναλλαγαί ενηργήθησαν κανονικώς και αι προοπτικαί διά την προσεχή περίοδον κρίνονται ευνοϊκαί υπό των ειδικών.
Κατά την λήξασαν εβδομάδα αι τιμαί των χρηματιστηριακών αξιών παρουσίασαν μικράς διακυμάνσεις, η δε αγορά εκινήθη με σταθερότητα και μετρίαν ζήτησιν. Αι συναλλαγαί ενηργήθησαν κανονικώς και αι προοπτικαί διά την προσεχή περίοδον κρίνονται ευνοϊκαί υπό των ειδικών.
Κατά την λήξασαν εβδομάδα αι τιμαί των χρηματιστηριακών αξιών παρουσίασαν μικράς διακυμάνσεις, η δε αγορά εκινήθη με σταθερότητα και μετρίαν ζήτησιν. Αι συναλλαγαί ενηργήθησαν κανονικώς και αι προοπτικαί διά την προσεχή περίοδον κρίνονται ευνοϊκαί υπό των ειδικών.
Κατά την λήξασαν εβδομάδα αι τιμαί των χρηματιστηριακών αξιών παρουσίασαν μικράς διακυμάνσεις, η δε αγορά εκινήθη με σταθερότητα και μετρίαν ζήτησιν. Αι συναλλαγαί ενηργήθησαν κανονικώς και αι προοπτικαί διά την προσεχή περίοδον κρίνονται ευνοϊκαί υπό των ειδικών.
Κατά την λήξασαν εβδομάδα αι τιμαί των χρηματιστηριακών αξιών παρουσίασαν μικράς διακυμάνσεις, η δε αγορά εκινήθη με σταθερότητα και μετρίαν ζήτησιν. Αι συναλλαγαί ενηργήθησαν κανονικώς και αι προοπτικαί διά την προσεχή περίοδον κρίνονται ευνοϊκαί υπό των ειδικών.
ΑΘΛΗΤΙΚΑ ΝΕΑ
Κατά την λήξασαν εβδομάδα αι τιμαί των χρηματιστηριακών αξιών παρουσίασαν μικράς διακυμάνσεις, η δε αγορά εκινήθη με σταθερότητα και μετρίαν ζήτησιν. Αι συναλλαγαί ενηργήθησαν κανονικώς και αι προοπτικαί διά την προσεχή περίοδον κρίνονται ευνοϊκαί υπό των ειδικών.
Κατά την λήξασαν εβδομάδα αι τιμαί των χρηματιστηριακών αξιών παρουσίασαν μικράς διακυμάνσεις, η δε αγορά εκινήθη με σταθερότητα και μετρίαν ζήτησιν. Αι συναλλαγαί ενηργήθησαν κανονικώς και αι προοπτικαί διά την προσεχή περίοδον κρίνονται ευνοϊκαί υπό των ειδικών.
Το πρωτάθλημα της Ευρώπης
Κατά την λήξασαν εβδομάδα αι τιμαί των χρηματιστηριακών αξιών παρουσίασαν μικράς διακυμάνσεις, η δε αγορά εκινήθη με σταθερότητα και μετρίαν ζήτησιν. Αι συναλλαγαί ενηργήθησαν κανονικώς και αι προοπτικαί διά την προσεχή περίοδον κρίνονται ευνοϊκαί υπό των ειδικών.
Κατά την λήξασαν εβδομάδα αι τιμαί των χρηματιστηριακών αξιών παρουσίασαν μικράς διακυμάνσεις, η δε αγορά εκινήθη με σταθερότητα και μετρίαν ζήτησιν. Αι συναλλαγαί ενηργήθησαν κανονικώς και αι προοπτικαί διά την προσεχή περίοδον κρίνονται ευνοϊκαί υπό των ειδικών.
ΣΤΑΛΑΚΤΙΤΑΙ
Κατά την λήξασαν εβδομάδα αι τιμαί των χρηματιστηριακών αξιών παρουσίασαν μικράς διακυμάνσεις, η δε αγορά εκινήθη με σταθερότητα και μετρίαν ζήτησιν. Αι συναλλαγαί ενηργήθησαν κανονικώς και αι προοπτικαί διά την προσεχή περίοδον κρίνονται ευνοϊκαί υπό των ειδικών.
Κατά την λήξασαν εβδομάδα αι τιμαί των χρηματιστηριακών αξιών παρουσίασαν μικράς διακυμάνσεις, η δε αγορά εκινήθη με σταθερότητα και μετρίαν ζήτησιν. Αι συναλλαγαί ενηργήθησαν κανονικώς και αι προοπτικαί διά την προσεχή περίοδον κρίνονται ευνοϊκαί υπό των ειδικών.
ΤΟ Α ΝΕΚΔΟΤΟ ΜΑΣ
Κατά την λήξασαν εβδομάδα αι τιμαί των χρηματιστηριακών αξιών παρουσίασαν μικράς διακυμάνσεις, η δε αγορά εκινήθη με σταθερότητα και μετρίαν ζήτησιν. Αι συναλλαγαί ενηργήθησαν κανονικώς και αι προοπτικαί διά την προσεχή περίοδον κρίνονται ευνοϊκαί υπό των ειδικών.
Κατά την λήξασαν εβδομάδα αι τιμαί των χρηματιστηριακών αξιών παρουσίασαν μικράς διακυμάνσεις, η δε αγορά εκινήθη με σταθερότητα και μετρίαν ζήτησιν. Αι συναλλαγαί ενηργήθησαν κανονικώς και αι προοπτικαί διά την προσεχή περίοδον κρίνονται ευνοϊκαί υπό των ειδικών.
Η συγκοινωνία Αυστραλίας - Αμερικής
Κατά την λήξασαν εβδομάδα αι τιμαί των χρηματιστηριακών αξιών παρουσίασαν μικράς διακυμάνσεις, η δε αγορά εκινήθη με σταθερότητα και μετρίαν ζήτησιν. Αι συναλλαγαί ενηργήθησαν κανονικώς και αι προοπτικαί διά την προσεχή περίοδον κρίνονται ευνοϊκαί υπό των ειδικών.
Κατά την λήξασαν εβδομάδα αι τιμαί των χρηματιστηριακών αξιών παρουσίασαν μικράς διακυμάνσεις, η δε αγορά εκινήθη με σταθερότητα και μετρίαν ζήτησιν. Αι συναλλαγαί ενηργήθησαν κανονικώς και αι προοπτικαί διά την προσεχή περίοδον κρίνονται ευνοϊκαί υπό των ειδικών.
Το βόρειον σέλας
Κατά την λήξασαν εβδομάδα αι τιμαί των χρηματιστηριακών αξιών παρουσίασαν μικράς διακυμάνσεις, η δε αγορά εκινήθη με σταθερότητα και μετρίαν ζήτησιν. Αι συναλλαγαί ενηργήθησαν κανονικώς και αι προοπτικαί διά την προσεχή περίοδον κρίνονται ευνοϊκαί υπό των ειδικών.
Κατά την λήξασαν εβδομάδα αι τιμαί των χρηματιστηριακών αξιών παρουσίασαν μικράς διακυμάνσεις, η δε αγορά εκινήθη με σταθερότητα και μετρίαν ζήτησιν. Αι συναλλαγαί ενηργήθησαν κανονικώς και αι προοπτικαί διά την προσεχή περίοδον κρίνονται ευνοϊκαί υπό των ειδικών.
ΒΕΡΟΛΙΝΟΝ, 7 Αυγούστου.
Κατά την λήξασαν εβδομάδα αι τιμαί των χρηματιστηριακών αξιών παρουσίασαν μικράς διακυμάνσεις, η δε αγορά εκινήθη με σταθερότητα και μετρίαν ζήτησιν. Αι συναλλαγαί ενηργήθησαν κανονικώς και αι προοπτικαί διά την προσεχή περίοδον κρίνονται ευνοϊκαί υπό των ειδικών.
Κατά την λήξασαν εβδομάδα αι τιμαί των χρηματιστηριακών αξιών παρουσίασαν μικράς διακυμάνσεις, η δε αγορά εκινήθη με σταθερότητα και μετρίαν ζήτησιν. Αι συναλλαγαί ενηργήθησαν κανονικώς και αι προοπτικαί διά την προσεχή περίοδον κρίνονται ευνοϊκαί υπό των ειδικών.
Το κτίριον του Πανεπιστημίου
Κατά την λήξασαν εβδομάδα αι τιμαί των χρηματιστηριακών αξιών παρουσίασαν μικράς διακυμάνσεις, η δε αγορά εκινήθη με σταθερότητα και μετρίαν ζήτησιν. Αι συναλλαγαί ενηργήθησαν κανονικώς και αι προοπτικαί διά την προσεχή περίοδον κρίνονται ευνοϊκαί υπό των ειδικών.
Κατά την λήξασαν εβδομάδα αι τιμαί των χρηματιστηριακών αξιών παρουσίασαν μικράς διακυμάνσεις, η δε αγορά εκινήθη με σταθερότητα και μετρίαν ζήτησιν. Αι συναλλαγαί ενηργήθησαν κανονικώς και αι προοπτικαί διά την προσεχή περίοδον κρίνονται ευνοϊκαί υπό των ειδικών.
Παρασκηνιακά
Κατά την λήξασαν εβδομάδα αι τιμαί των χρηματιστηριακών αξιών παρουσίασαν μικράς διακυμάνσεις, η δε αγορά εκινήθη με σταθερότητα και μετρίαν ζήτησιν. Αι συναλλαγαί ενηργήθησαν κανονικώς και αι προοπτικαί διά την προσεχή περίοδον κρίνονται ευνοϊκαί υπό των ειδικών.
Κατά την λήξασαν εβδομάδα αι τιμαί των χρηματιστηριακών αξιών παρουσίασαν μικράς διακυμάνσεις, η δε αγορά εκινήθη με σταθερότητα και μετρίαν ζήτησιν. Αι συναλλαγαί ενηργήθησαν κανονικώς και αι προοπτικαί διά την προσεχή περίοδον κρίνονται ευνοϊκαί υπό των ειδικών.
ΤΑ ΕΞΥΠΝΑ ΚΑΙ ΤΑ ΚΟΥΤΑ
Κατά την λήξασαν εβδομάδα αι τιμαί των χρηματιστηριακών αξιών παρουσίασαν μικράς διακυμάνσεις, η δε αγορά εκινήθη με σταθερότητα και μετρίαν ζήτησιν. Αι συναλλαγαί ενηργήθησαν κανονικώς και αι προοπτικαί διά την προσεχή περίοδον κρίνονται ευνοϊκαί υπό των ειδικών.
Κατά την λήξασαν εβδομάδα αι τιμαί των χρηματιστηριακών αξιών παρουσίασαν μικράς διακυμάνσεις, η δε αγορά εκινήθη με σταθερότητα και μετρίαν ζήτησιν. Αι συναλλαγαί ενηργήθησαν κανονικώς και αι προοπτικαί διά την προσεχή περίοδον κρίνονται ευνοϊκαί υπό των ειδικών.
Κατά την λήξασαν εβδομάδα αι τιμαί των χρηματιστηριακών αξιών παρουσίασαν μικράς διακυμάνσεις, η δε αγορά εκινήθη με σταθερότητα και μετρίαν ζήτησιν. Αι συναλλαγαί ενηργήθησαν κανονικώς και αι προοπτικαί διά την προσεχή περίοδον κρίνονται ευνοϊκαί υπό των ειδικών.
Κατά την λήξασαν εβδομάδα αι τιμαί των χρηματιστηριακών αξιών παρουσίασαν μικράς διακυμάνσεις, η δε αγορά εκινήθη με σταθερότητα και μετρίαν ζήτησιν. Αι συναλλαγαί ενηργήθησαν κανονικώς και αι προοπτικαί διά την προσεχή περίοδον κρίνονται ευνοϊκαί υπό των ειδικών.
Κατά την λήξασαν εβδομάδα αι τιμαί των χρηματιστηριακών αξιών παρουσίασαν μικράς διακυμάνσεις, η δε αγορά εκινήθη με σταθερότητα και μετρίαν ζήτησιν. Αι συναλλαγαί ενηργήθησαν κανονικώς και αι προοπτικαί διά την προσεχή περίοδον κρίνονται ευνοϊκαί υπό των ειδικών.
Η ΚΙΝΗΣΙΣ ΤΩΝ ΕΠΑΡΧΙΩΝ
Κατά την λήξασαν εβδομάδα αι τιμαί των χρηματιστηριακών αξιών παρουσίασαν μικράς διακυμάνσεις, η δε αγορά εκινήθη με σταθερότητα και μετρίαν ζήτησιν. Αι συναλλαγαί ενηργήθησαν κανονικώς και αι προοπτικαί διά την προσεχή περίοδον κρίνονται ευνοϊκαί υπό των ειδικών.
Κατά την λήξασαν εβδομάδα αι τιμαί των χρηματιστηριακών αξιών παρουσίασαν μικράς διακυμάνσεις, η δε αγορά εκινήθη με σταθερότητα και μετρίαν ζήτησιν. Αι συναλλαγαί ενηργήθησαν κανονικώς και αι προοπτικαί διά την προσεχή περίοδον κρίνονται ευνοϊκαί υπό των ειδικών.
ΕΚ ΤΡΙΠΟΛΕΩΣ
Κατά την λήξασαν εβδομάδα αι τιμαί των χρηματιστηριακών αξιών παρουσίασαν μικράς διακυμάνσεις, η δε αγορά εκινήθη με σταθερότητα και μετρίαν ζήτησιν. Αι συναλλαγαί ενηργήθησαν κανονικώς και αι προοπτικαί διά την προσεχή περίοδον κρίνονται ευνοϊκαί υπό των ειδικών.
Κατά την λήξασαν εβδομάδα αι τιμαί των χρηματιστηριακών αξιών παρουσίασαν μικράς διακυμάνσεις, η δε αγορά εκινήθη με σταθερότητα και μετρίαν ζήτησιν. Αι συναλλαγαί ενηργήθησαν κανονικώς και αι προοπτικαί διά την προσεχή περίοδον κρίνονται ευνοϊκαί υπό των ειδικών.
—Οι κάτοικοι της Τριπόλεως θέλουν δρόμους
Κατά την λήξασαν εβδομάδα αι τιμαί των χρηματιστηριακών αξιών παρουσίασαν μικράς διακυμάνσεις, η δε αγορά εκινήθη με σταθερότητα και μετρίαν ζήτησιν. Αι συναλλαγαί ενηργήθησαν κανονικώς και αι προοπτικαί διά την προσεχή περίοδον κρίνονται ευνοϊκαί υπό των ειδικών.
Κατά την λήξασαν εβδομάδα αι τιμαί των χρηματιστηριακών αξιών παρουσίασαν μικράς διακυμάνσεις, η δε αγορά εκινήθη με σταθερότητα και μετρίαν ζήτησιν. Αι συναλλαγαί ενηργήθησαν κανονικώς και αι προοπτικαί διά την προσεχή περίοδον κρίνονται ευνοϊκαί υπό των ειδικών.
Η «ΣΥΝΤΑΓΜΑΤΙΚΗ ΔΡΑΣΙΣ» ΔΕΝ ΥΠΑΡΧΕΙ ΠΙΑ ΕΙΣ ΤΗΝ ΦΛΩΡΕΝΤΙΑΝ ΚΑΡΔΙΑΝ
Κατά την λήξασαν εβδομάδα αι τιμαί των χρηματιστηριακών αξιών παρουσίασαν μικράς διακυμάνσεις, η δε αγορά εκινήθη με σταθερότητα και μετρίαν ζήτησιν. Αι συναλλαγαί ενηργήθησαν κανονικώς και αι προοπτικαί διά την προσεχή περίοδον κρίνονται ευνοϊκαί υπό των ειδικών.
Κατά την λήξασαν εβδομάδα αι τιμαί των χρηματιστηριακών αξιών παρουσίασαν μικράς διακυμάνσεις, η δε αγορά εκινήθη με σταθερότητα και μετρίαν ζήτησιν. Αι συναλλαγαί ενηργήθησαν κανονικώς και αι προοπτικαί διά την προσεχή περίοδον κρίνονται ευνοϊκαί υπό των ειδικών.
Κύριε Διευθυντά,
Κατά την λήξασαν εβδομάδα αι τιμαί των χρηματιστηριακών αξιών παρουσίασαν μικράς διακυμάνσεις, η δε αγορά εκινήθη με σταθερότητα και μετρίαν ζήτησιν. Αι συναλλαγαί ενηργήθησαν κανονικώς και αι προοπτικαί διά την προσεχή περίοδον κρίνονται ευνοϊκαί υπό των ειδικών.
Κατά την λήξασαν εβδομάδα αι τιμαί των χρηματιστηριακών αξιών παρουσίασαν μικράς διακυμάνσεις, η δε αγορά εκινήθη με σταθερότητα και μετρίαν ζήτησιν. Αι συναλλαγαί ενηργήθησαν κανονικώς και αι προοπτικαί διά την προσεχή περίοδον κρίνονται ευνοϊκαί υπό των ειδικών.
ΔΗΜΗΤΡΟΠΟΥΛΟΣ
Κατά την λήξασαν εβδομάδα αι τιμαί των χρηματιστηριακών αξιών παρουσίασαν μικράς διακυμάνσεις, η δε αγορά εκινήθη με σταθερότητα και μετρίαν ζήτησιν. Αι συναλλαγαί ενηργήθησαν κανονικώς και αι προοπτικαί διά την προσεχή περίοδον κρίνονται ευνοϊκαί υπό των ειδικών.
Κατά την λήξασαν εβδομάδα αι τιμαί των χρηματιστηριακών αξιών παρουσίασαν μικράς διακυμάνσεις, η δε αγορά εκινήθη με σταθερότητα και μετρίαν ζήτησιν. Αι συναλλαγαί ενηργήθησαν κανονικώς και αι προοπτικαί διά την προσεχή περίοδον κρίνονται ευνοϊκαί υπό των ειδικών.
Εξεγερθείς διά την απειλήν εκτελέσεως των Ιταλών
Κατά την λήξασαν εβδομάδα αι τιμαί των χρηματιστηριακών αξιών παρουσίασαν μικράς διακυμάνσεις, η δε αγορά εκινήθη με σταθερότητα και μετρίαν ζήτησιν. Αι συναλλαγαί ενηργήθησαν κανονικώς και αι προοπτικαί διά την προσεχή περίοδον κρίνονται ευνοϊκαί υπό των ειδικών.
Κατά την λήξασαν εβδομάδα αι τιμαί των χρηματιστηριακών αξιών παρουσίασαν μικράς διακυμάνσεις, η δε αγορά εκινήθη με σταθερότητα και μετρίαν ζήτησιν. Αι συναλλαγαί ενηργήθησαν κανονικώς και αι προοπτικαί διά την προσεχή περίοδον κρίνονται ευνοϊκαί υπό των ειδικών.
Τα αποτελέσματα της ζητήσεως
Κατά την λήξασαν εβδομάδα αι τιμαί των χρηματιστηριακών αξιών παρουσίασαν μικράς διακυμάνσεις, η δε αγορά εκινήθη με σταθερότητα και μετρίαν ζήτησιν. Αι συναλλαγαί ενηργήθησαν κανονικώς και αι προοπτικαί διά την προσεχή περίοδον κρίνονται ευνοϊκαί υπό των ειδικών.
Κατά την λήξασαν εβδομάδα αι τιμαί των χρηματιστηριακών αξιών παρουσίασαν μικράς διακυμάνσεις, η δε αγορά εκινήθη με σταθερότητα και μετρίαν ζήτησιν. Αι συναλλαγαί ενηργήθησαν κανονικώς και αι προοπτικαί διά την προσεχή περίοδον κρίνονται ευνοϊκαί υπό των ειδικών.
Συγχαρητήρια
Κατά την λήξασαν εβδομάδα αι τιμαί των χρηματιστηριακών αξιών παρουσίασαν μικράς διακυμάνσεις, η δε αγορά εκινήθη με σταθερότητα και μετρίαν ζήτησιν. Αι συναλλαγαί ενηργήθησαν κανονικώς και αι προοπτικαί διά την προσεχή περίοδον κρίνονται ευνοϊκαί υπό των ειδικών.
Κατά την λήξασαν εβδομάδα αι τιμαί των χρηματιστηριακών αξιών παρουσίασαν μικράς διακυμάνσεις, η δε αγορά εκινήθη με σταθερότητα και μετρίαν ζήτησιν. Αι συναλλαγαί ενηργήθησαν κανονικώς και αι προοπτικαί διά την προσεχή περίοδον κρίνονται ευνοϊκαί υπό των ειδικών.
ΘΕΑΤΡΑ
Κατά την λήξασαν εβδομάδα αι τιμαί των χρηματιστηριακών αξιών παρουσίασαν μικράς διακυμάνσεις, η δε αγορά εκινήθη με σταθερότητα και μετρίαν ζήτησιν. Αι συναλλαγαί ενηργήθησαν κανονικώς και αι προοπτικαί διά την προσεχή περίοδον κρίνονται ευνοϊκαί υπό των ειδικών.
Κατά την λήξασαν εβδομάδα αι τιμαί των χρηματιστηριακών αξιών παρουσίασαν μικράς διακυμάνσεις, η δε αγορά εκινήθη με σταθερότητα και μετρίαν ζήτησιν. Αι συναλλαγαί ενηργήθησαν κανονικώς και αι προοπτικαί διά την προσεχή περίοδον κρίνονται ευνοϊκαί υπό των ειδικών.
Κατά την λήξασαν εβδομάδα αι τιμαί των χρηματιστηριακών αξιών παρουσίασαν μικράς διακυμάνσεις, η δε αγορά εκινήθη με σταθερότητα και μετρίαν ζήτησιν. Αι συναλλαγαί ενηργήθησαν κανονικώς και αι προοπτικαί διά την προσεχή περίοδον κρίνονται ευνοϊκαί υπό των ειδικών.
Κατά την λήξασαν εβδομάδα αι τιμαί των χρηματιστηριακών αξιών παρουσίασαν μικράς διακυμάνσεις, η δε αγορά εκινήθη με σταθερότητα και μετρίαν ζήτησιν. Αι συναλλαγαί ενηργήθησαν κανονικώς και αι προοπτικαί διά την προσεχή περίοδον κρίνονται ευνοϊκαί υπό των ειδικών.
